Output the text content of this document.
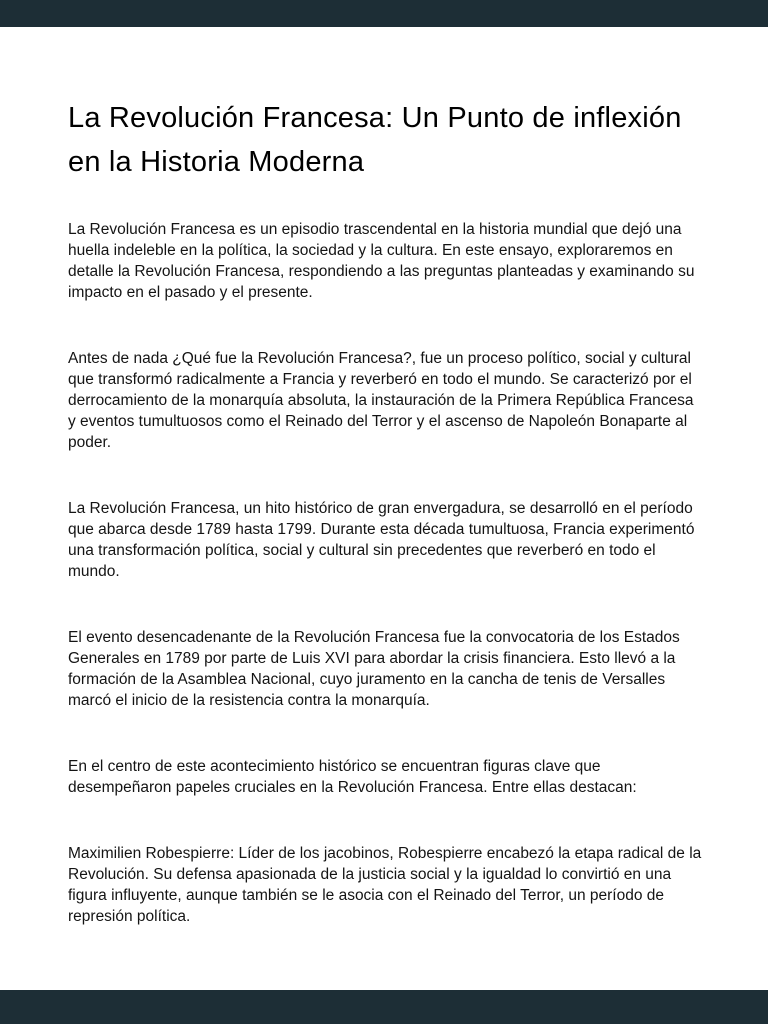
La Revolución Francesa: Un Punto de inflexión en la Historia Moderna

La Revolución Francesa es un episodio trascendental en la historia mundial que dejó una huella indeleble en la política, la sociedad y la cultura. En este ensayo, exploraremos en detalle la Revolución Francesa, respondiendo a las preguntas planteadas y examinando su impacto en el pasado y el presente.

Antes de nada ¿Qué fue la Revolución Francesa?, fue un proceso político, social y cultural que transformó radicalmente a Francia y reverberó en todo el mundo. Se caracterizó por el derrocamiento de la monarquía absoluta, la instauración de la Primera República Francesa y eventos tumultuosos como el Reinado del Terror y el ascenso de Napoleón Bonaparte al poder.

La Revolución Francesa, un hito histórico de gran envergadura, se desarrolló en el período que abarca desde 1789 hasta 1799. Durante esta década tumultuosa, Francia experimentó una transformación política, social y cultural sin precedentes que reverberó en todo el mundo.

El evento desencadenante de la Revolución Francesa fue la convocatoria de los Estados Generales en 1789 por parte de Luis XVI para abordar la crisis financiera. Esto llevó a la formación de la Asamblea Nacional, cuyo juramento en la cancha de tenis de Versalles marcó el inicio de la resistencia contra la monarquía.

En el centro de este acontecimiento histórico se encuentran figuras clave que desempeñaron papeles cruciales en la Revolución Francesa. Entre ellas destacan:

Maximilien Robespierre: Líder de los jacobinos, Robespierre encabezó la etapa radical de la Revolución. Su defensa apasionada de la justicia social y la igualdad lo convirtió en una figura influyente, aunque también se le asocia con el Reinado del Terror, un período de represión política.
